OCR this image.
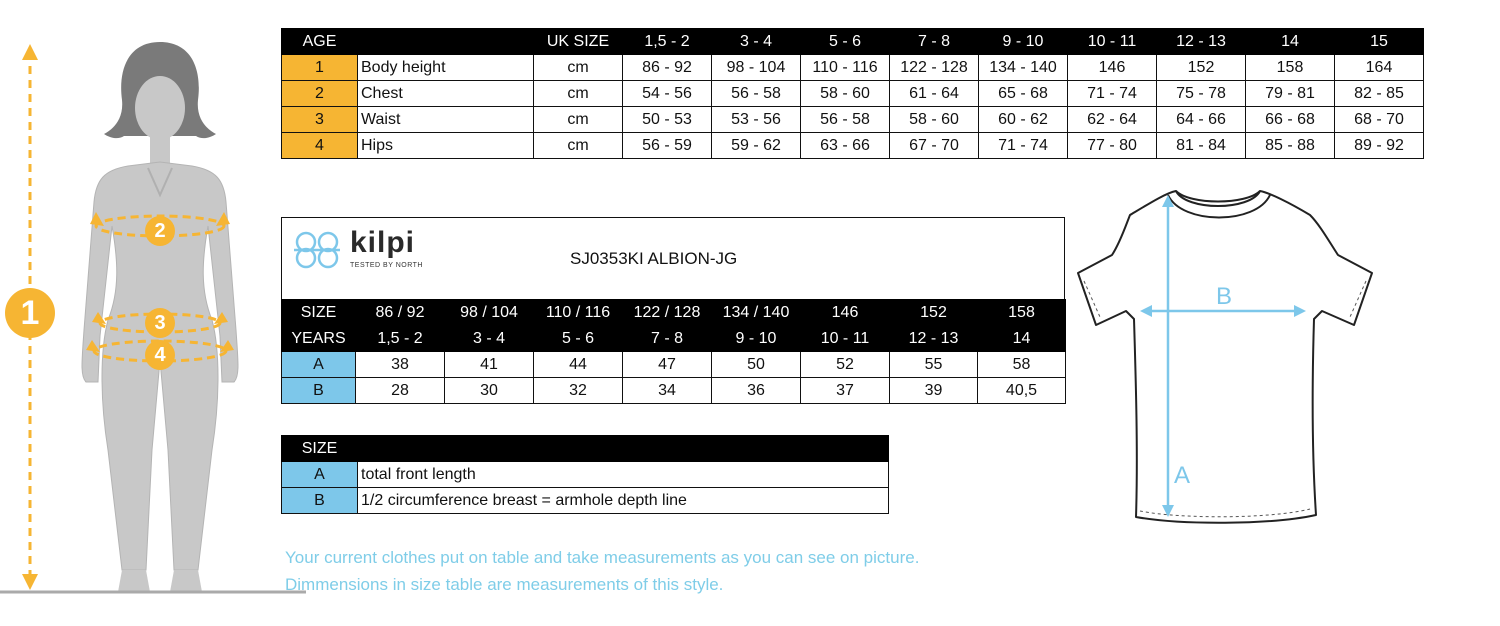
1
2
3
4
AGE		UK SIZE	1,5 - 2	3 - 4	5 - 6	7 - 8	9 - 10	10 - 11	12 - 13	14	15
1	Body height	cm	86 - 92	98 - 104	110 - 116	122 - 128	134 - 140	146	152	158	164
2	Chest	cm	54 - 56	56 - 58	58 - 60	61 - 64	65 - 68	71 - 74	75 - 78	79 - 81	82 - 85
3	Waist	cm	50 - 53	53 - 56	56 - 58	58 - 60	60 - 62	62 - 64	64 - 66	66 - 68	68 - 70
4	Hips	cm	56 - 59	59 - 62	63 - 66	67 - 70	71 - 74	77 - 80	81 - 84	85 - 88	89 - 92
kilpi
TESTED BY NORTH	SJ0353KI ALBION-JG
SIZE	86 / 92	98 / 104	110 / 116	122 / 128	134 / 140	146	152	158
YEARS	1,5 - 2	3 - 4	5 - 6	7 - 8	9 - 10	10 - 11	12 - 13	14
A	38	41	44	47	50	52	55	58
B	28	30	32	34	36	37	39	40,5
SIZE	
A	total front length
B	1/2 circumference breast = armhole depth line
Your current clothes put on table and take measurements as you can see on picture.
Dimmensions in size table are measurements of this style.
B
A
